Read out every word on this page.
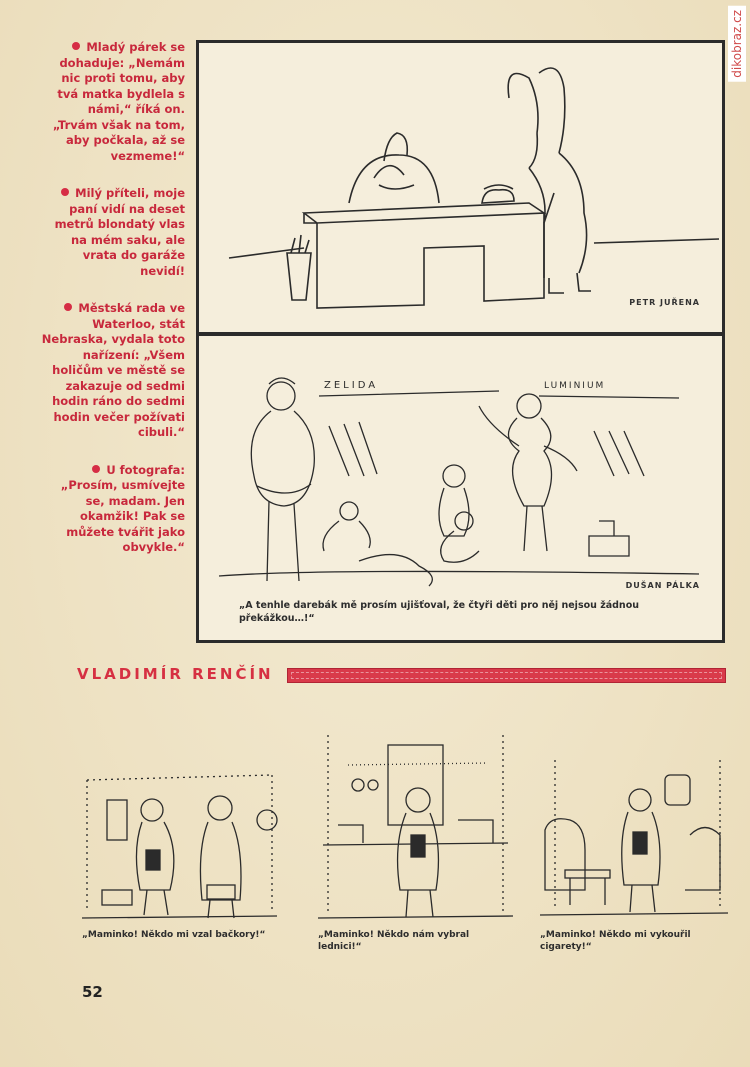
dikobraz.cz
Mladý párek se dohaduje: „Nemám nic proti tomu, aby tvá matka bydlela s námi,“ říká on. „Trvám však na tom, aby počkala, až se vezmeme!“
Milý příteli, moje paní vidí na deset metrů blondatý vlas na mém saku, ale vrata do garáže nevidí!
Městská rada ve Waterloo, stát Nebraska, vydala toto nařízení: „Všem holičům ve městě se zakazuje od sedmi hodin ráno do sedmi hodin večer požívati cibuli.“
U fotografa: „Prosím, usmívejte se, madam. Jen okamžik! Pak se můžete tvářit jako obvykle.“
PETR JUŘENA
ZELIDA	LUMINIUM
DUŠAN PÁLKA
„A tenhle darebák mě prosím ujišťoval, že čtyři děti pro něj nejsou žádnou překážkou…!“
VLADIMÍR RENČÍN
„Maminko! Někdo mi vzal bačkory!“	„Maminko! Někdo nám vybral lednici!“
„Maminko! Někdo mi vykouřil cigarety!“
52
